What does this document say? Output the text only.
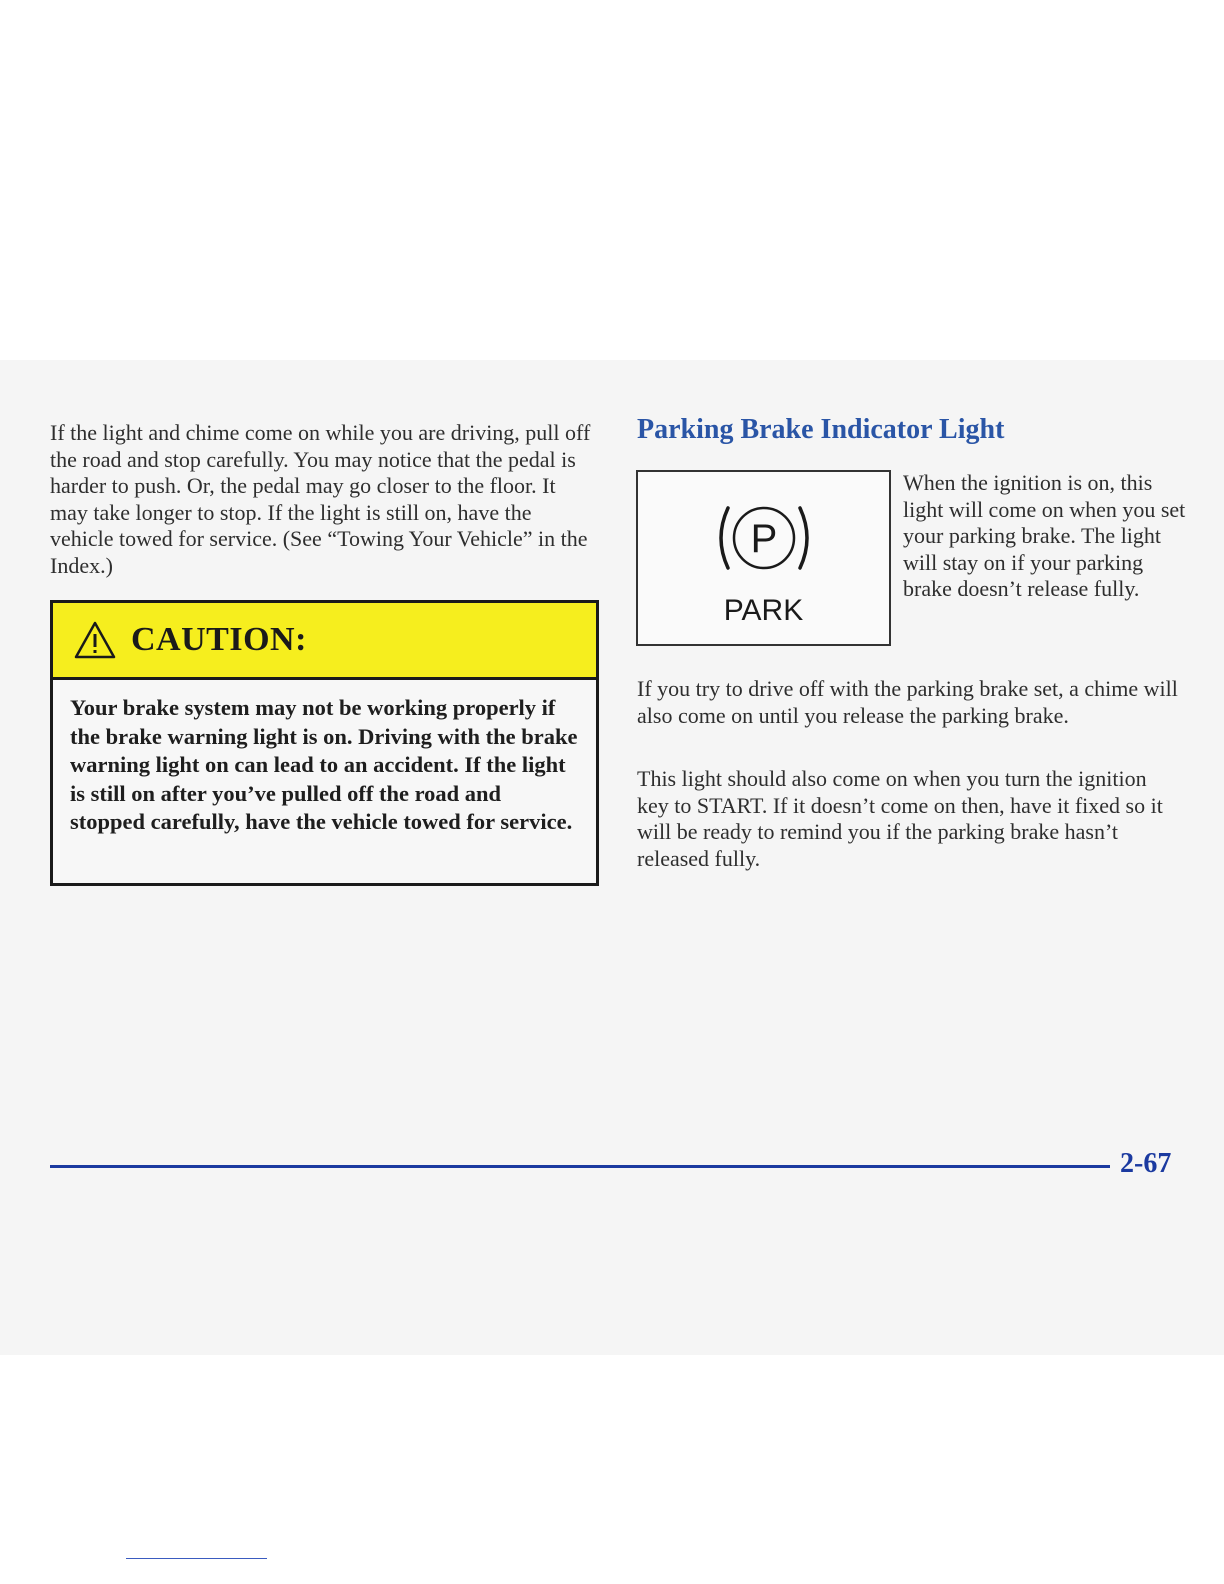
If the light and chime come on while you are driving, pull off the road and stop carefully. You may notice that the pedal is harder to push. Or, the pedal may go closer to the floor. It may take longer to stop. If the light is still on, have the vehicle towed for service. (See “Towing Your Vehicle” in the Index.)

CAUTION:
Your brake system may not be working properly if the brake warning light is on. Driving with the brake warning light on can lead to an accident. If the light is still on after you’ve pulled off the road and stopped carefully, have the vehicle towed for service.
Parking Brake Indicator Light
P
PARK

When the ignition is on, this light will come on when you set your parking brake. The light will stay on if your parking brake doesn’t release fully.

If you try to drive off with the parking brake set, a chime will also come on until you release the parking brake.

This light should also come on when you turn the ignition key to START. If it doesn’t come on then, have it fixed so it will be ready to remind you if the parking brake hasn’t released fully.

2-67
